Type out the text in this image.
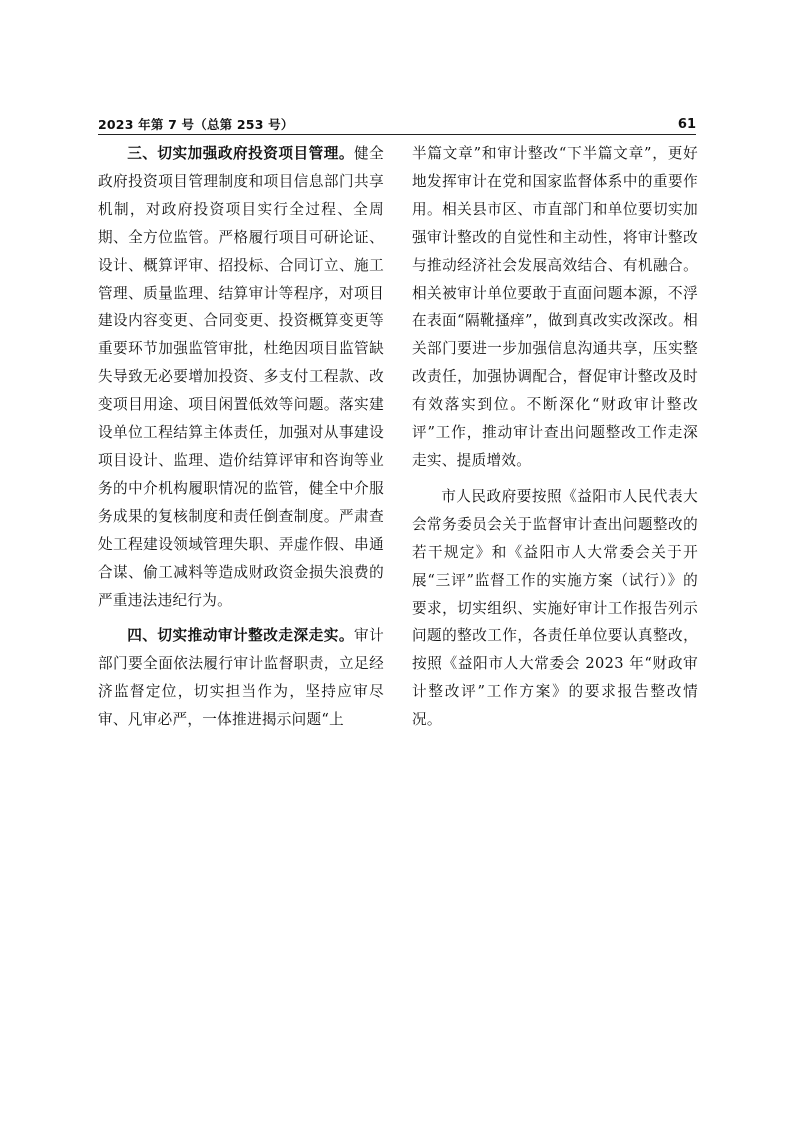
2023 年第 7 号（总第 253 号）	61

三、切实加强政府投资项目管理。健全政府投资项目管理制度和项目信息部门共享机制，对政府投资项目实行全过程、全周期、全方位监管。严格履行项目可研论证、设计、概算评审、招投标、合同订立、施工管理、质量监理、结算审计等程序，对项目建设内容变更、合同变更、投资概算变更等重要环节加强监管审批，杜绝因项目监管缺失导致无必要增加投资、多支付工程款、改变项目用途、项目闲置低效等问题。落实建设单位工程结算主体责任，加强对从事建设项目设计、监理、造价结算评审和咨询等业务的中介机构履职情况的监管，健全中介服务成果的复核制度和责任倒查制度。严肃查处工程建设领域管理失职、弄虚作假、串通合谋、偷工减料等造成财政资金损失浪费的严重违法违纪行为。

四、切实推动审计整改走深走实。审计部门要全面依法履行审计监督职责，立足经济监督定位，切实担当作为，坚持应审尽审、凡审必严，一体推进揭示问题“上

半篇文章”和审计整改“下半篇文章”，更好地发挥审计在党和国家监督体系中的重要作用。相关县市区、市直部门和单位要切实加强审计整改的自觉性和主动性，将审计整改与推动经济社会发展高效结合、有机融合。相关被审计单位要敢于直面问题本源，不浮在表面“隔靴搔痒”，做到真改实改深改。相关部门要进一步加强信息沟通共享，压实整改责任，加强协调配合，督促审计整改及时有效落实到位。不断深化“财政审计整改评”工作，推动审计查出问题整改工作走深走实、提质增效。

市人民政府要按照《益阳市人民代表大会常务委员会关于监督审计查出问题整改的若干规定》和《益阳市人大常委会关于开展“三评”监督工作的实施方案（试行）》的要求，切实组织、实施好审计工作报告列示问题的整改工作，各责任单位要认真整改，按照《益阳市人大常委会 2023 年“财政审计整改评”工作方案》的要求报告整改情况。
